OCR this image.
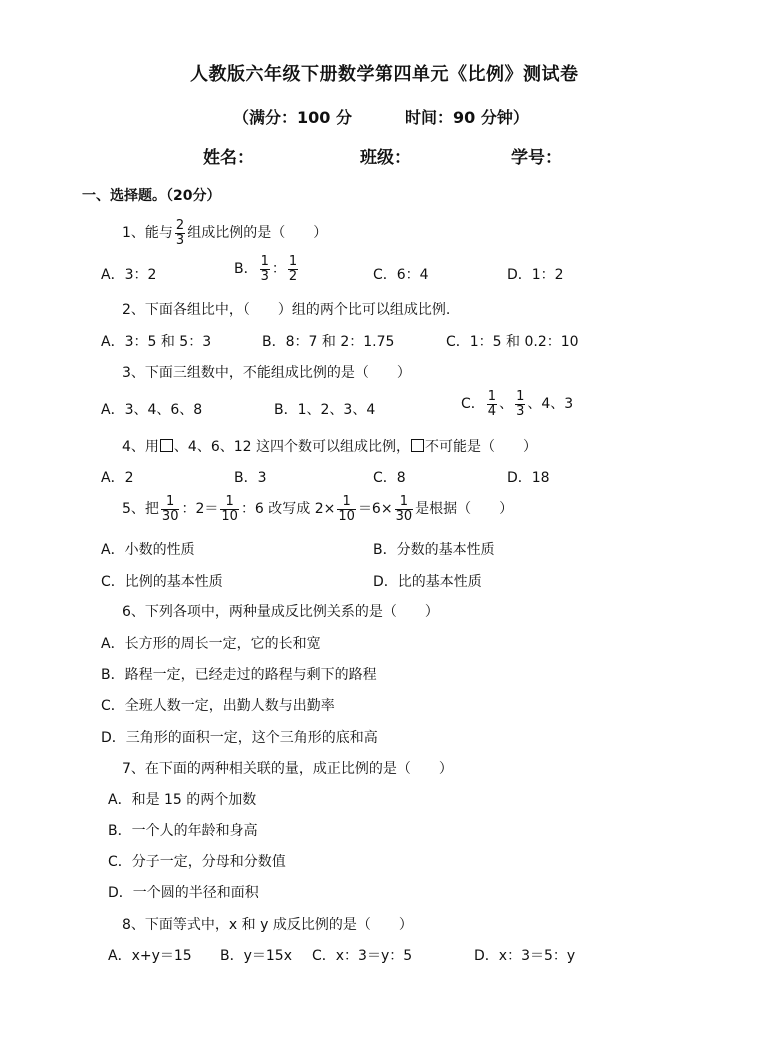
人教版六年级下册数学第四单元《比例》测试卷
（满分：100 分	时间：90 分钟）
姓名：	班级：	学号：
一、选择题。（20分）
1、能与 $\frac{2}{3}$ 组成比例的是（　　）
A．3：2	B． $\frac{1}{3}$ ： $\frac{1}{2}$	C．6：4	D．1：2
2、下面各组比中，（　　）组的两个比可以组成比例.
A．3：5 和 5：3	B．8：7 和 2：1.75	C．1：5 和 0.2：10
3、下面三组数中，不能组成比例的是（　　）
A．3、4、6、8	B．1、2、3、4	C． $\frac{1}{4}$ 、 $\frac{1}{3}$ 、4、3
4、用 、4、6、12 这四个数可以组成比例， 不可能是（　　）
A．2	B．3	C．8	D．18
5、把 $\frac{1}{30}$ ：$2= \frac{1}{10}$ ：6 改写成 $2\times \frac{1}{10} =6\times \frac{1}{30}$ 是根据（　　）
A．小数的性质	B．分数的基本性质
C．比例的基本性质	D．比的基本性质
6、下列各项中，两种量成反比例关系的是（　　）
A．长方形的周长一定，它的长和宽
B．路程一定，已经走过的路程与剩下的路程
C．全班人数一定，出勤人数与出勤率
D．三角形的面积一定，这个三角形的底和高
7、在下面的两种相关联的量，成正比例的是（　　）
A．和是 15 的两个加数
B．一个人的年龄和身高
C．分子一定，分母和分数值
D．一个圆的半径和面积
8、下面等式中，x 和 y 成反比例的是（　　）
A．x+y＝15 B．y＝15x C．x：3＝y：5	D．x：3＝5：y
